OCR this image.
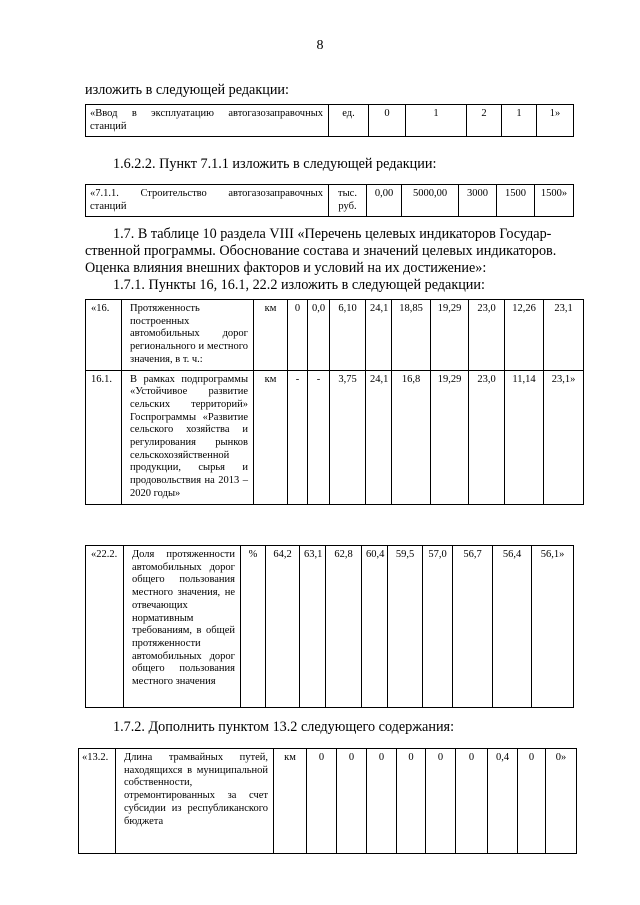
8
изложить в следующей редакции:
«Ввод в эксплуатацию автогазозаправочных станций	ед.	0	1	2	1	1»
1.6.2.2. Пункт 7.1.1 изложить в следующей редакции:
«7.1.1. Строительство автогазозаправочных станций	тыс. руб.	0,00	5000,00	3000	1500	1500»
1.7. В таблице 10 раздела VIII «Перечень целевых индикаторов Государ-
ственной программы. Обоснование состава и значений целевых индикаторов.
Оценка влияния внешних факторов и условий на их достижение»:
1.7.1. Пункты 16, 16.1, 22.2 изложить в следующей редакции:
«16.	Протяженность построенных автомобильных дорог регионального и местного значения, в т. ч.:	км	0	0,0	6,10	24,1	18,85	19,29	23,0	12,26	23,1
16.1.	В рамках подпрограммы «Устойчивое развитие сельских территорий» Госпрограммы «Развитие сельского хозяйства и регулирования рынков сельскохозяйственной продукции, сырья и продовольствия на 2013 – 2020 годы»	км	-	-	3,75	24,1	16,8	19,29	23,0	11,14	23,1»
«22.2.	Доля протяженности автомобильных дорог общего пользования местного значения, не отвечающих нормативным требованиям, в общей протяженности автомобильных дорог общего пользования местного значения	%	64,2	63,1	62,8	60,4	59,5	57,0	56,7	56,4	56,1»
1.7.2. Дополнить пунктом 13.2 следующего содержания:
«13.2.	Длина трамвайных путей, находящихся в муниципальной собственности, отремонтированных за счет субсидии из республиканского бюджета	км	0	0	0	0	0	0	0,4	0	0»
